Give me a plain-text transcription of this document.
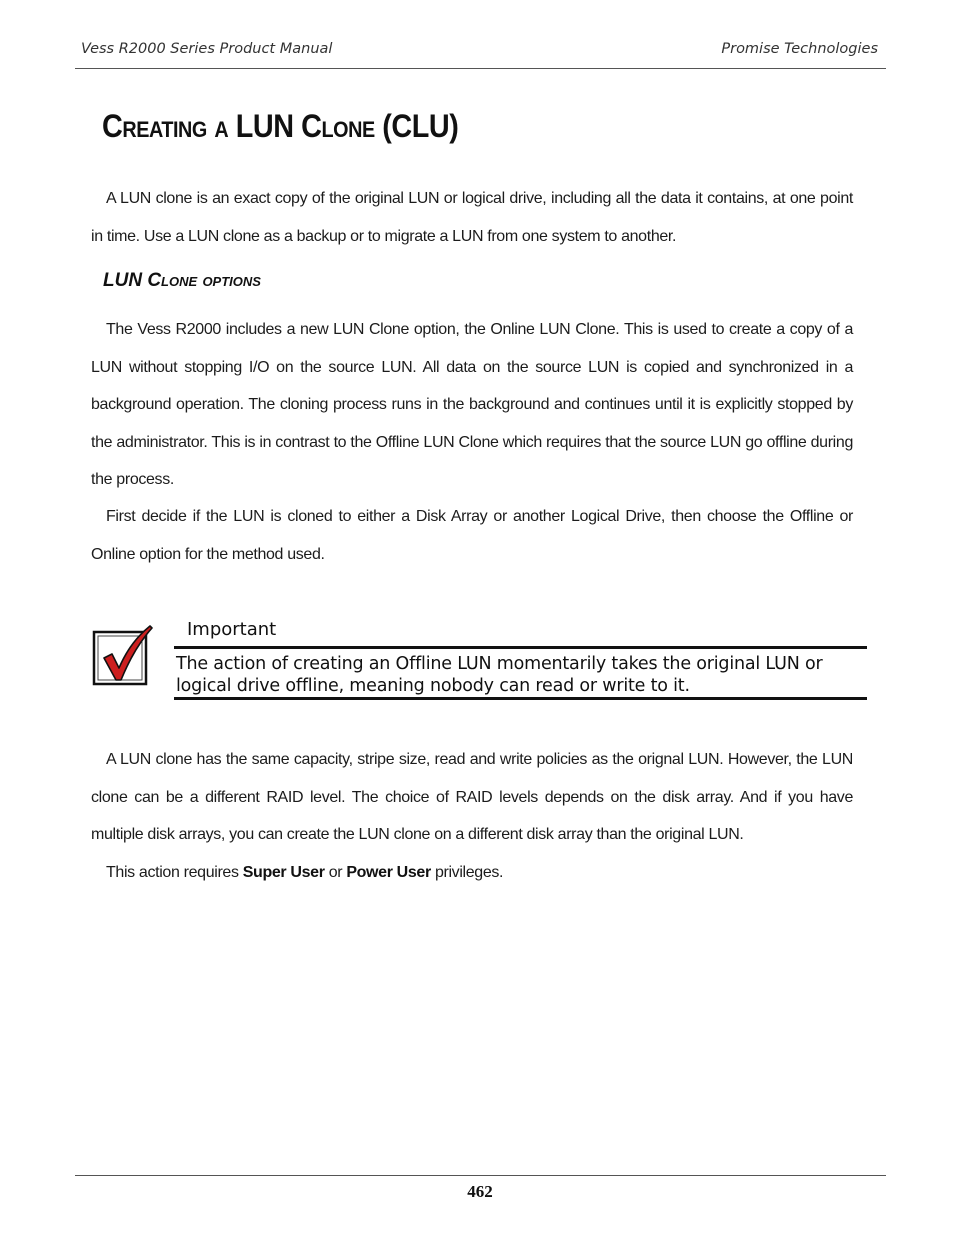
Vess R2000 Series Product Manual	Promise Technologies
Creating a LUN Clone (CLU)

A LUN clone is an exact copy of the original LUN or logical drive, including all the data it contains, at one point in time. Use a LUN clone as a backup or to migrate a LUN from one system to another.

LUN Clone options

The Vess R2000 includes a new LUN Clone option, the Online LUN Clone. This is used to create a copy of a LUN without stopping I/O on the source LUN. All data on the source LUN is copied and synchronized in a background operation. The cloning process runs in the background and continues until it is explicitly stopped by the administrator. This is in contrast to the Offline LUN Clone which requires that the source LUN go offline during the process.

First decide if the LUN is cloned to either a Disk Array or another Logical Drive, then choose the Offline or Online option for the method used.

Important

The action of creating an Offline LUN momentarily takes the original LUN or logical drive offline, meaning nobody can read or write to it.

A LUN clone has the same capacity, stripe size, read and write policies as the orignal LUN. However, the LUN clone can be a different RAID level. The choice of RAID levels depends on the disk array. And if you have multiple disk arrays, you can create the LUN clone on a different disk array than the original LUN.

This action requires Super User or Power User privileges.

462
